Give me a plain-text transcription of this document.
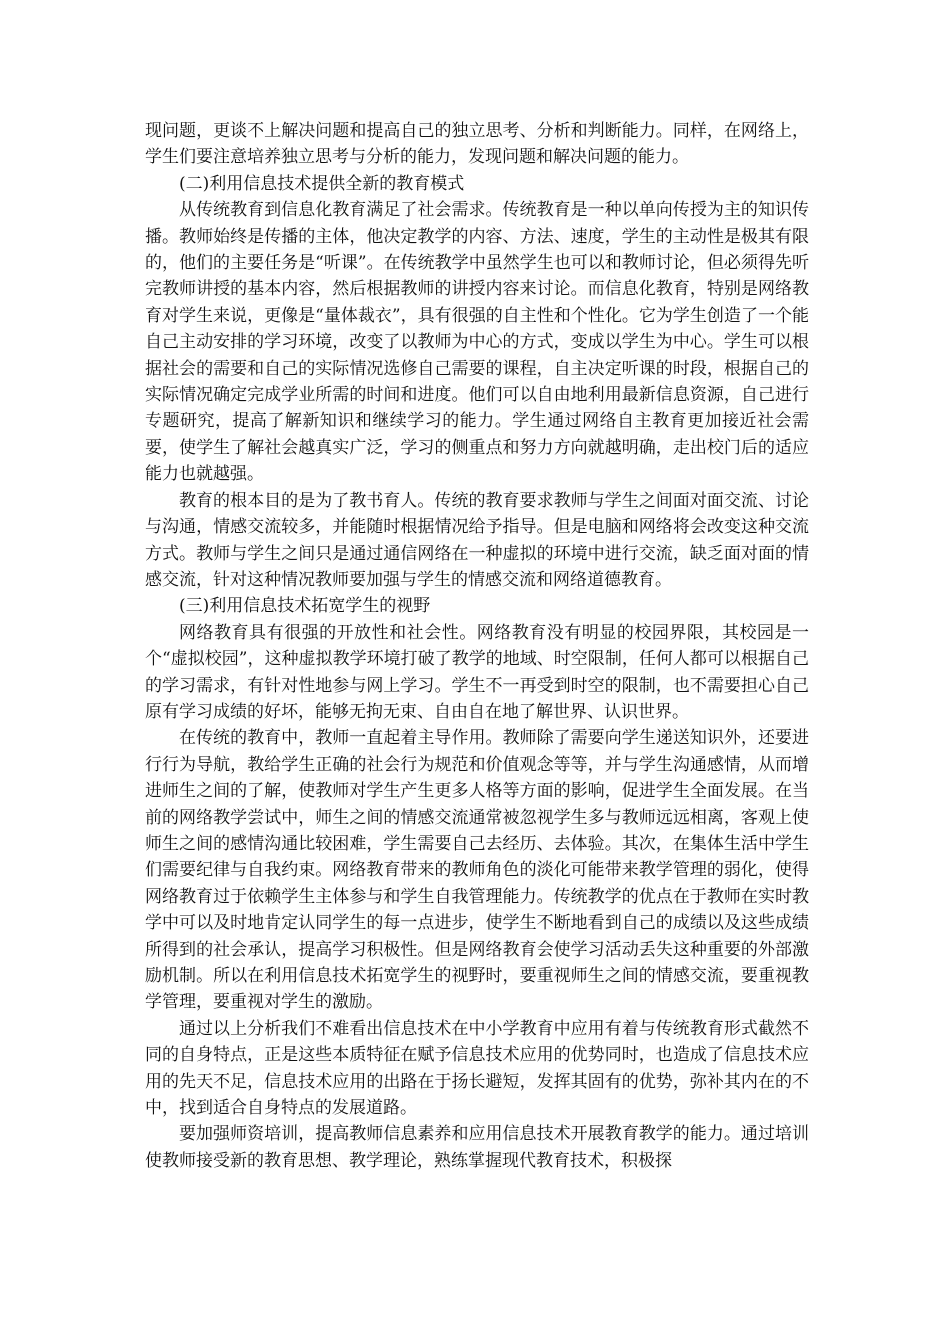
现问题，更谈不上解决问题和提高自己的独立思考、分析和判断能力。同样，在网络上，学生们要注意培养独立思考与分析的能力，发现问题和解决问题的能力。

(二)利用信息技术提供全新的教育模式

从传统教育到信息化教育满足了社会需求。传统教育是一种以单向传授为主的知识传播。教师始终是传播的主体，他决定教学的内容、方法、速度，学生的主动性是极其有限的，他们的主要任务是“听课”。在传统教学中虽然学生也可以和教师讨论，但必须得先听完教师讲授的基本内容，然后根据教师的讲授内容来讨论。而信息化教育，特别是网络教育对学生来说，更像是“量体裁衣”，具有很强的自主性和个性化。它为学生创造了一个能自己主动安排的学习环境，改变了以教师为中心的方式，变成以学生为中心。学生可以根据社会的需要和自己的实际情况选修自己需要的课程，自主决定听课的时段，根据自己的实际情况确定完成学业所需的时间和进度。他们可以自由地利用最新信息资源，自己进行专题研究，提高了解新知识和继续学习的能力。学生通过网络自主教育更加接近社会需要，使学生了解社会越真实广泛，学习的侧重点和努力方向就越明确，走出校门后的适应能力也就越强。

教育的根本目的是为了教书育人。传统的教育要求教师与学生之间面对面交流、讨论与沟通，情感交流较多，并能随时根据情况给予指导。但是电脑和网络将会改变这种交流方式。教师与学生之间只是通过通信网络在一种虚拟的环境中进行交流，缺乏面对面的情感交流，针对这种情况教师要加强与学生的情感交流和网络道德教育。

(三)利用信息技术拓宽学生的视野

网络教育具有很强的开放性和社会性。网络教育没有明显的校园界限，其校园是一个“虚拟校园”，这种虚拟教学环境打破了教学的地域、时空限制，任何人都可以根据自己的学习需求，有针对性地参与网上学习。学生不一再受到时空的限制，也不需要担心自己原有学习成绩的好坏，能够无拘无束、自由自在地了解世界、认识世界。

在传统的教育中，教师一直起着主导作用。教师除了需要向学生递送知识外，还要进行行为导航，教给学生正确的社会行为规范和价值观念等等，并与学生沟通感情，从而增进师生之间的了解，使教师对学生产生更多人格等方面的影响，促进学生全面发展。在当前的网络教学尝试中，师生之间的情感交流通常被忽视学生多与教师远远相离，客观上使师生之间的感情沟通比较困难，学生需要自己去经历、去体验。其次，在集体生活中学生们需要纪律与自我约束。网络教育带来的教师角色的淡化可能带来教学管理的弱化，使得网络教育过于依赖学生主体参与和学生自我管理能力。传统教学的优点在于教师在实时教学中可以及时地肯定认同学生的每一点进步，使学生不断地看到自己的成绩以及这些成绩所得到的社会承认，提高学习积极性。但是网络教育会使学习活动丢失这种重要的外部激励机制。所以在利用信息技术拓宽学生的视野时，要重视师生之间的情感交流，要重视教学管理，要重视对学生的激励。

通过以上分析我们不难看出信息技术在中小学教育中应用有着与传统教育形式截然不同的自身特点，正是这些本质特征在赋予信息技术应用的优势同时，也造成了信息技术应用的先天不足，信息技术应用的出路在于扬长避短，发挥其固有的优势，弥补其内在的不中，找到适合自身特点的发展道路。

要加强师资培训，提高教师信息素养和应用信息技术开展教育教学的能力。通过培训使教师接受新的教育思想、教学理论，熟练掌握现代教育技术，积极探
